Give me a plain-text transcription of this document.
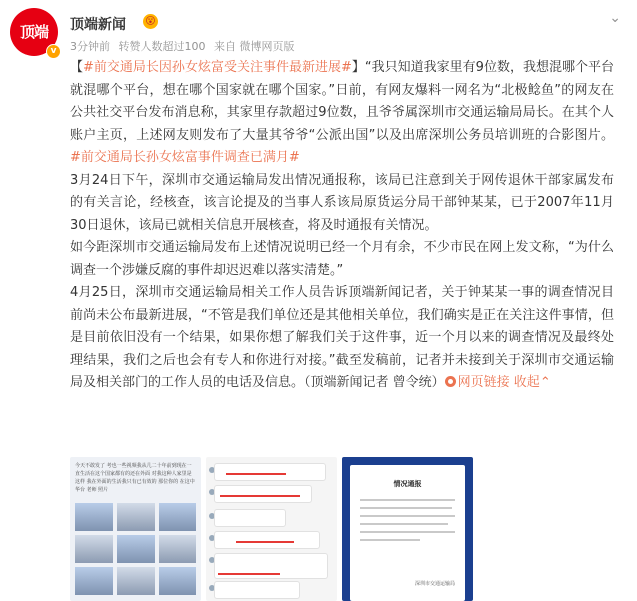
顶端
v
顶端新闻 😮
3分钟前 转赞人数超过100 来自 微博网页版
⌄

【#前交通局长因孙女炫富受关注事件最新进展#】“我只知道我家里有9位数，我想混哪个平台就混哪个平台，想在哪个国家就在哪个国家。”日前，有网友爆料一网名为“北极鲶鱼”的网友在公共社交平台发布消息称，其家里存款超过9位数，且爷爷属深圳市交通运输局局长。在其个人账户主页，上述网友则发布了大量其爷爷“公派出国”以及出席深圳公务员培训班的合影图片。#前交通局长孙女炫富事件调查已满月#

3月24日下午，深圳市交通运输局发出情况通报称，该局已注意到关于网传退休干部家属发布的有关言论，经核查，该言论提及的当事人系该局原货运分局干部钟某某，已于2007年11月30日退休，该局已就相关信息开展核查，将及时通报有关情况。

如今距深圳市交通运输局发布上述情况说明已经一个月有余，不少市民在网上发文称，“为什么调查一个涉嫌反腐的事件却迟迟难以落实清楚。”

4月25日，深圳市交通运输局相关工作人员告诉顶端新闻记者，关于钟某某一事的调查情况目前尚未公布最新进展，“不管是我们单位还是其他相关单位，我们确实是正在关注这件事情，但是目前依旧没有一个结果，如果你想了解我们关于这件事，近一个月以来的调查情况及最终处理结果，我们之后也会有专人和你进行对接。”截至发稿前，记者并未接到关于深圳市交通运输局及相关部门的工作人员的电话及信息。（顶端新闻记者 曾令统） 网页链接 收起⌃

今天不敢发了 考也一些视频我从几二十年前到现在一直生活在这个国家都有的还在外面 对我这种人家里是这样 我在外面的生活我只有已有效的 那位你的 在这中华台 老师 照片
情况通报
深圳市交通运输局
